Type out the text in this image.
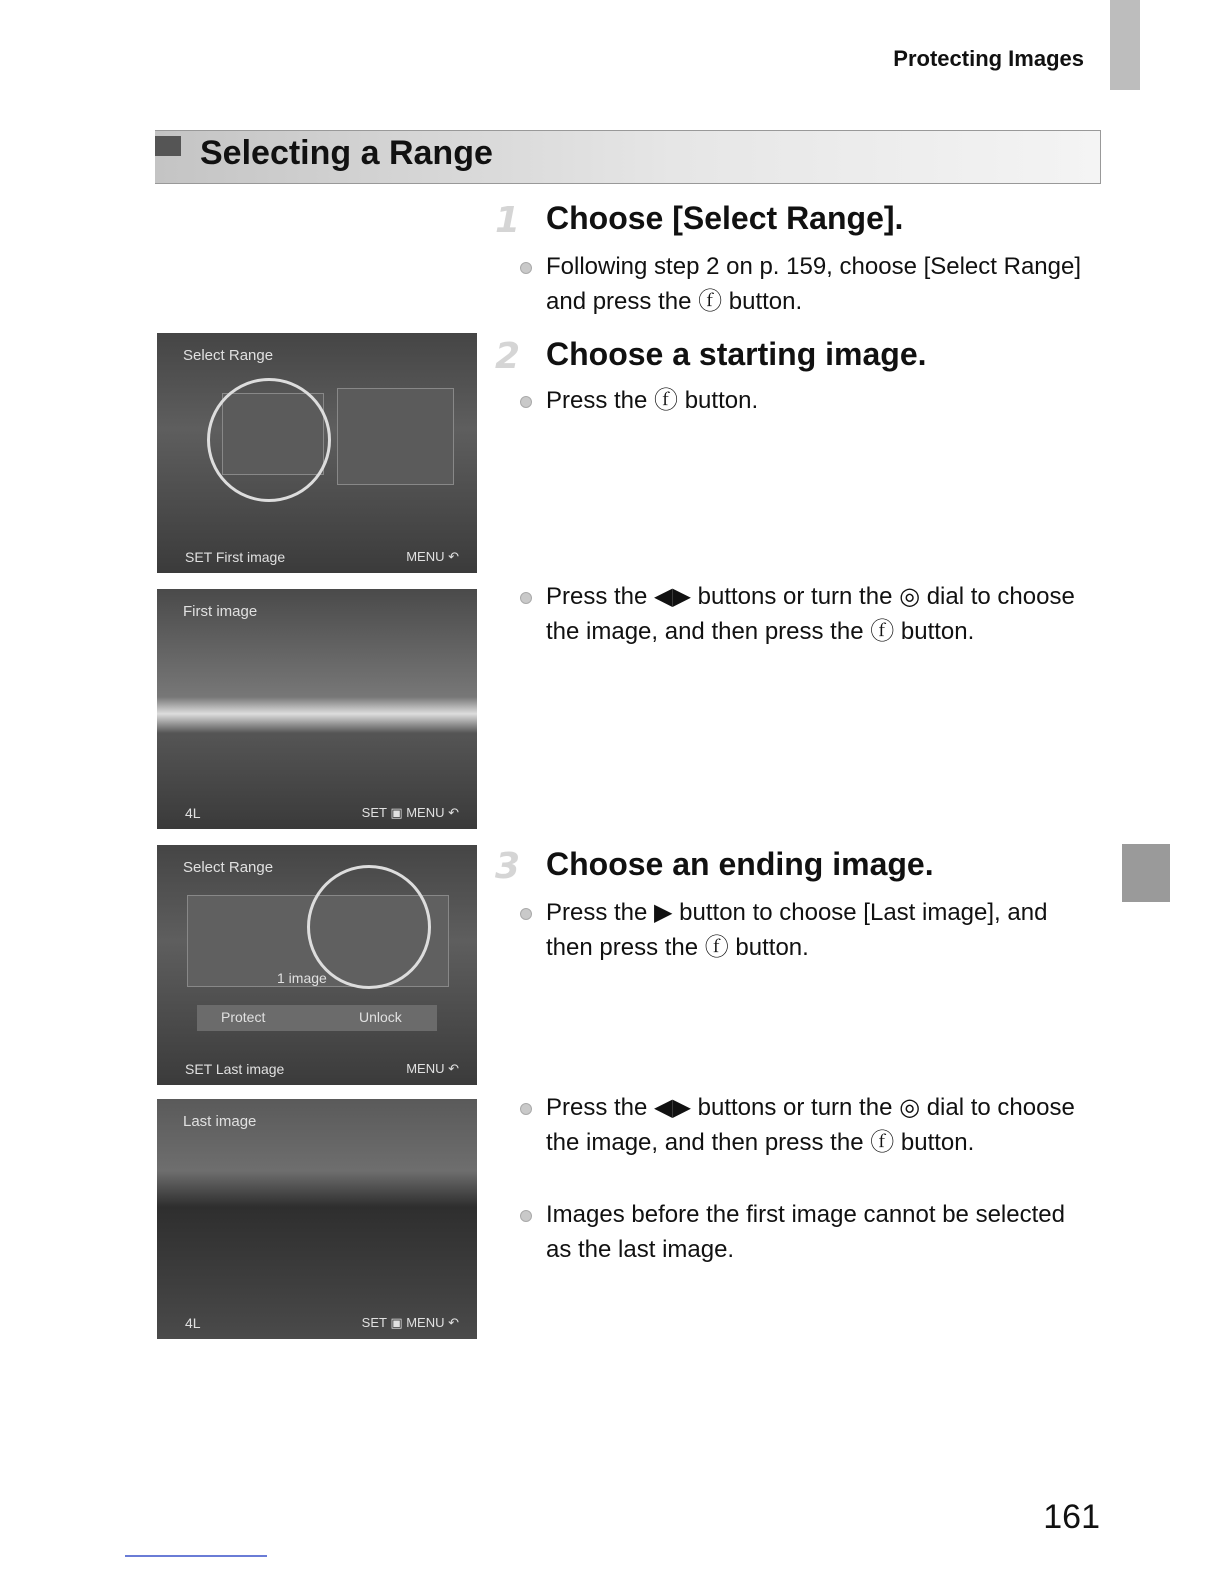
Protecting Images
Selecting a Range
1 Choose [Select Range].

Following step 2 on p. 159, choose [Select Range] and press the ⓕ button.

2 Choose a starting image.

Press the ⓕ button.

Press the ◀▶ buttons or turn the ◎ dial to choose the image, and then press the ⓕ button.

3 Choose an ending image.

Press the ▶ button to choose [Last image], and then press the ⓕ button.

Press the ◀▶ buttons or turn the ◎ dial to choose the image, and then press the ⓕ button.

Images before the first image cannot be selected as the last image.

Select Range
SET First image	MENU ↶
First image
4L	SET ▣ MENU ↶
1 image
Protect	Unlock
Select Range
SET Last image	MENU ↶
Last image
4L	SET ▣ MENU ↶
161
